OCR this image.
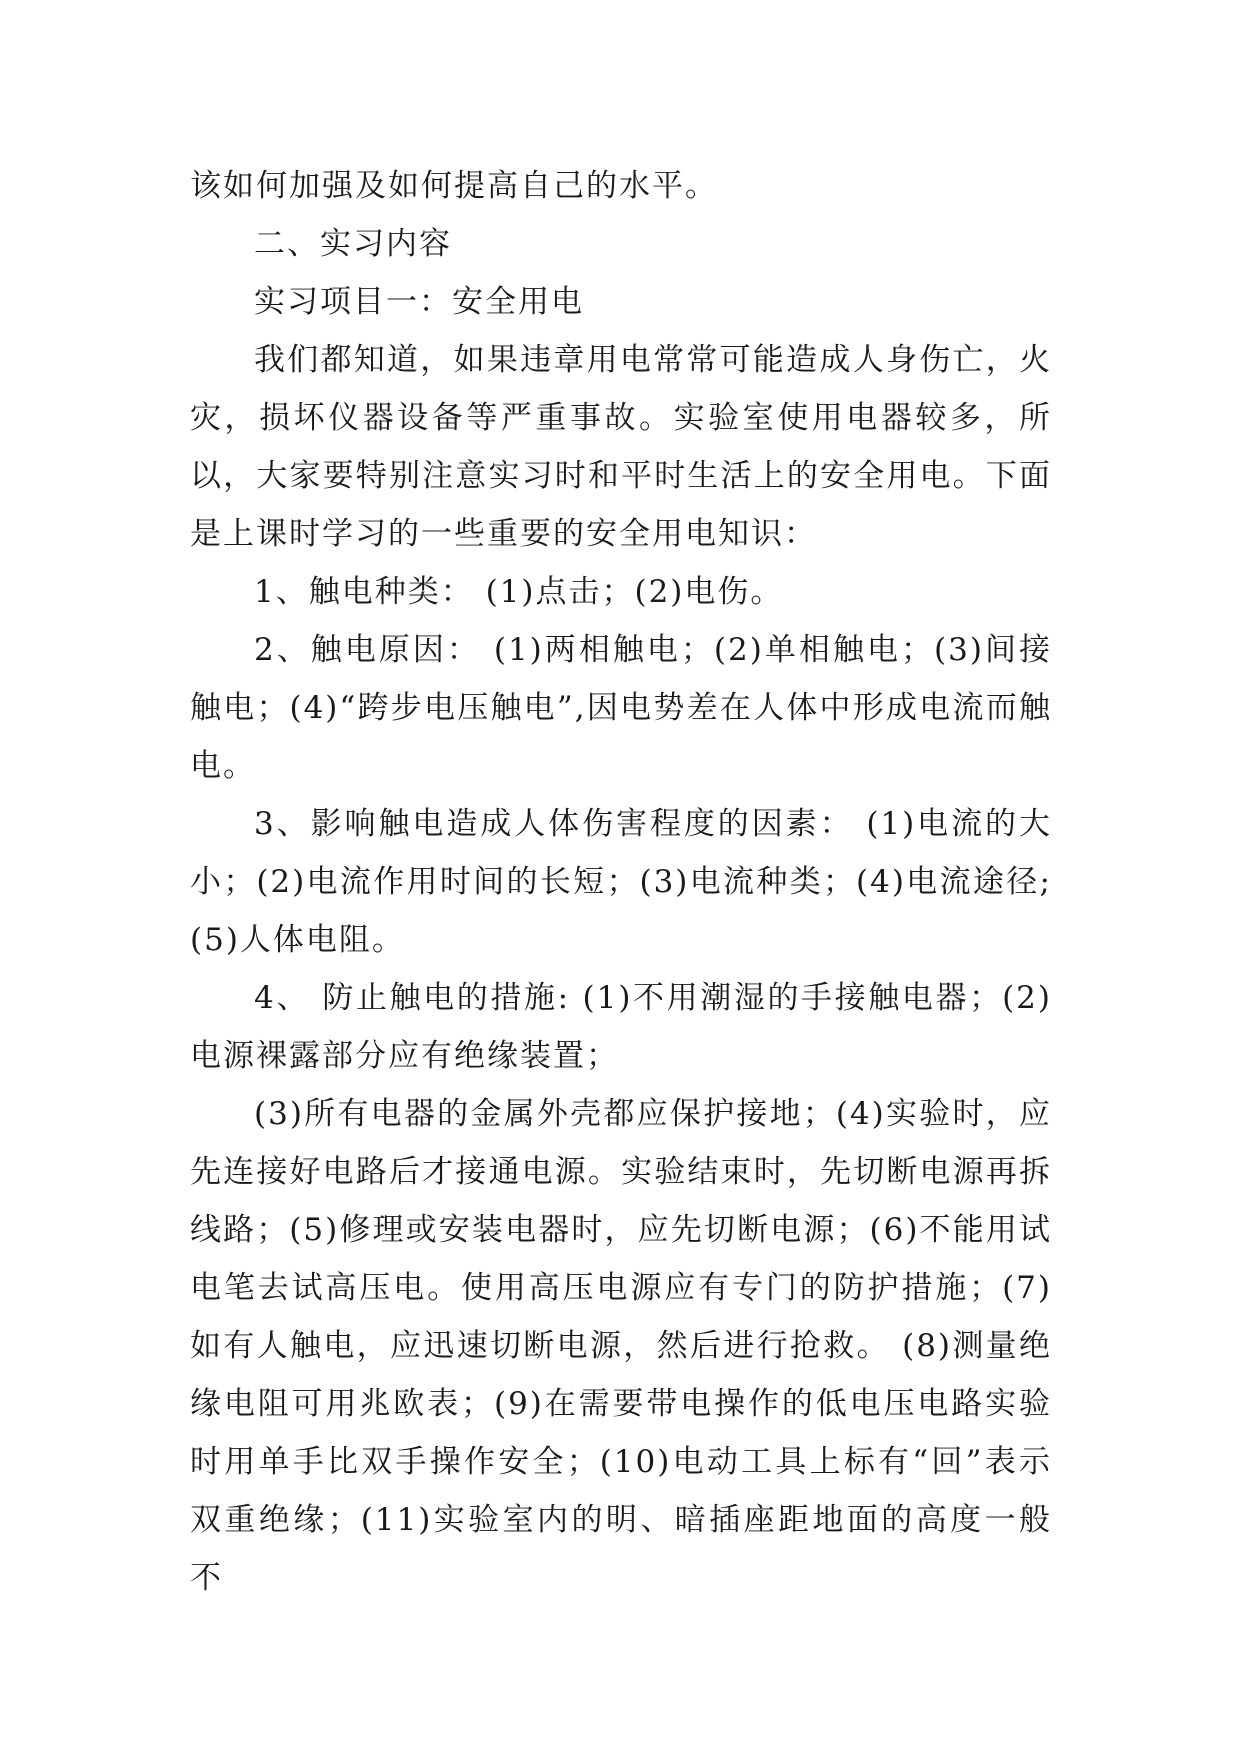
该如何加强及如何提高自己的水平。

二、实习内容

实习项目一：安全用电

我们都知道，如果违章用电常常可能造成人身伤亡，火灾，损坏仪器设备等严重事故。实验室使用电器较多，所以，大家要特别注意实习时和平时生活上的安全用电。下面是上课时学习的一些重要的安全用电知识：

1、触电种类： (1)点击；(2)电伤。

2、触电原因： (1)两相触电；(2)单相触电；(3)间接触电；(4)“跨步电压触电”,因电势差在人体中形成电流而触电。

3、影响触电造成人体伤害程度的因素： (1)电流的大小；(2)电流作用时间的长短；(3)电流种类；(4)电流途径;(5)人体电阻。

4、 防止触电的措施: (1)不用潮湿的手接触电器；(2)电源裸露部分应有绝缘装置；

(3)所有电器的金属外壳都应保护接地；(4)实验时，应先连接好电路后才接通电源。实验结束时，先切断电源再拆线路；(5)修理或安装电器时，应先切断电源；(6)不能用试电笔去试高压电。使用高压电源应有专门的防护措施；(7)如有人触电，应迅速切断电源，然后进行抢救。 (8)测量绝缘电阻可用兆欧表；(9)在需要带电操作的低电压电路实验时用单手比双手操作安全；(10)电动工具上标有“回”表示双重绝缘；(11)实验室内的明、暗插座距地面的高度一般不
